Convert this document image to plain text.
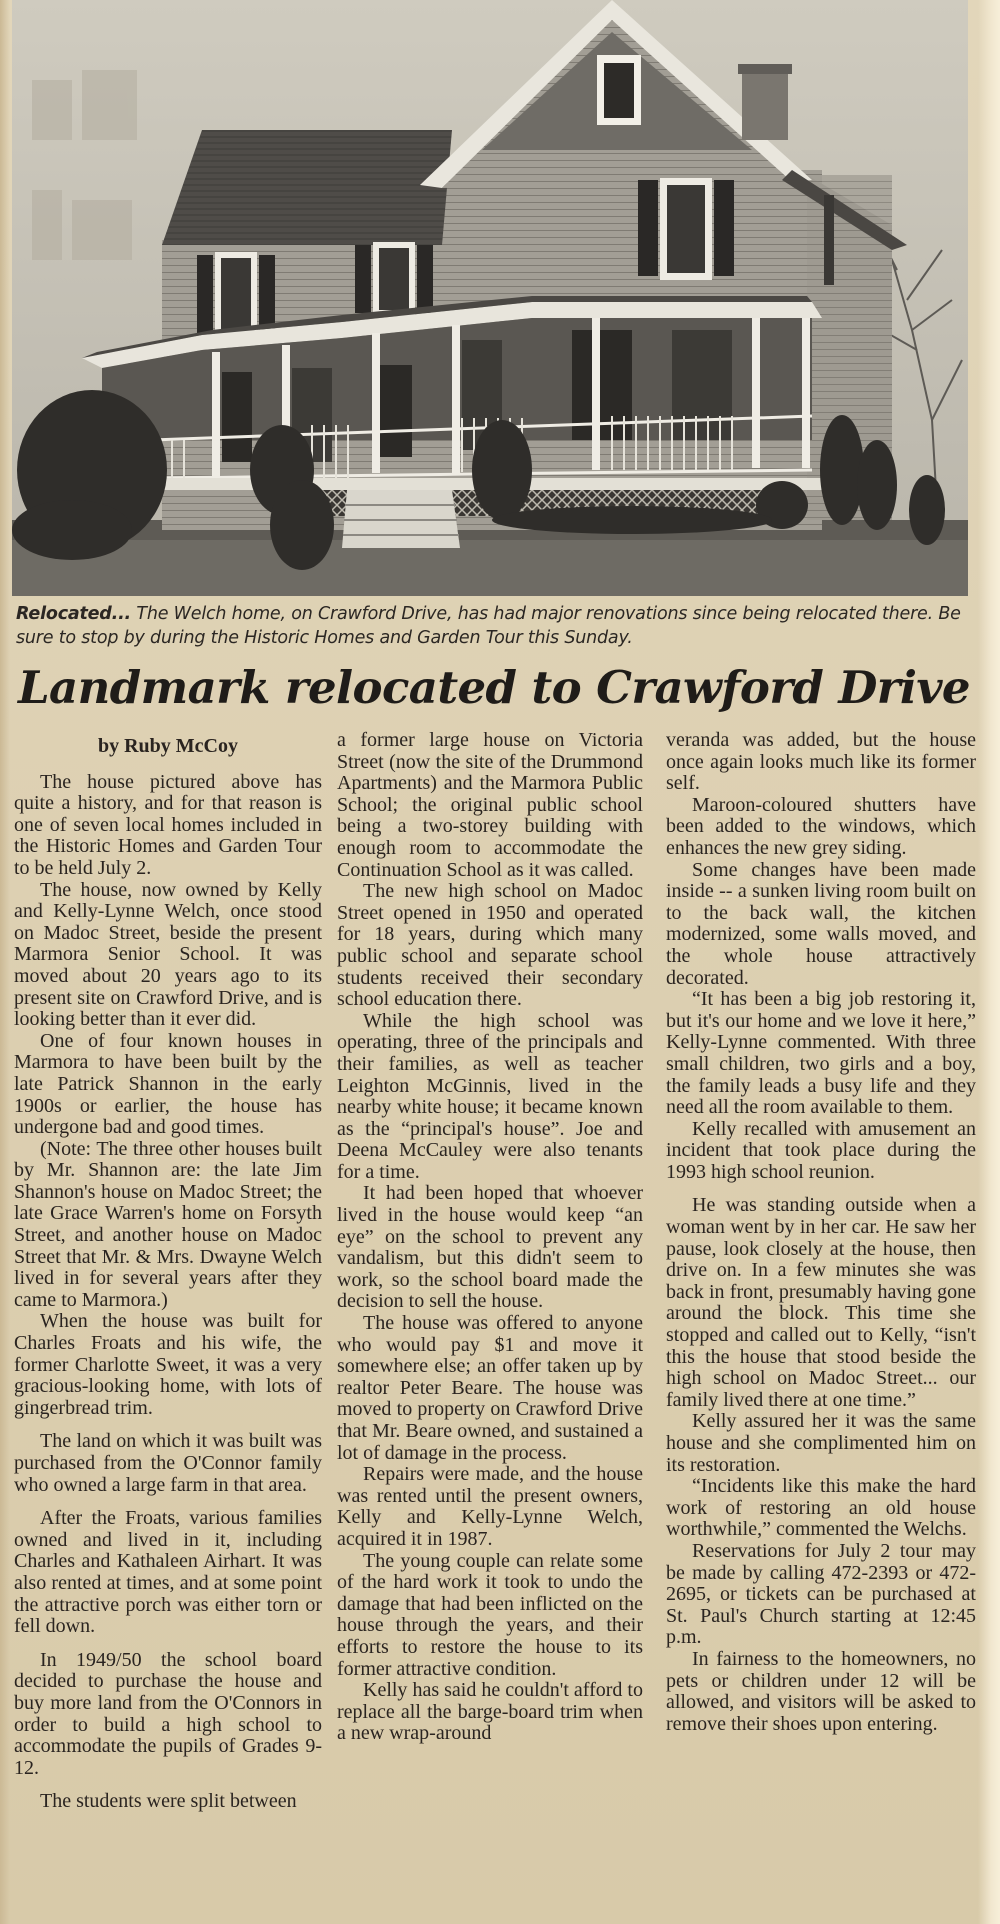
Relocated... The Welch home, on Crawford Drive, has had major renovations since being relocated there. Be sure to stop by during the Historic Homes and Garden Tour this Sunday.
Landmark relocated to Crawford Drive
by Ruby McCoy

The house pictured above has quite a history, and for that reason is one of seven local homes included in the Historic Homes and Garden Tour to be held July 2.

The house, now owned by Kelly and Kelly-Lynne Welch, once stood on Madoc Street, beside the present Marmora Senior School. It was moved about 20 years ago to its present site on Crawford Drive, and is looking better than it ever did.

One of four known houses in Marmora to have been built by the late Patrick Shannon in the early 1900s or earlier, the house has undergone bad and good times.

(Note: The three other houses built by Mr. Shannon are: the late Jim Shannon's house on Madoc Street; the late Grace Warren's home on Forsyth Street, and another house on Madoc Street that Mr. & Mrs. Dwayne Welch lived in for several years after they came to Marmora.)

When the house was built for Charles Froats and his wife, the former Charlotte Sweet, it was a very gracious-looking home, with lots of gingerbread trim.

The land on which it was built was purchased from the O'Connor family who owned a large farm in that area.

After the Froats, various families owned and lived in it, including Charles and Kathaleen Airhart. It was also rented at times, and at some point the attractive porch was either torn or fell down.

In 1949/50 the school board decided to purchase the house and buy more land from the O'Connors in order to build a high school to accommodate the pupils of Grades 9-12.

The students were split between

a former large house on Victoria Street (now the site of the Drummond Apartments) and the Marmora Public School; the original public school being a two-storey building with enough room to accommodate the Continuation School as it was called.

The new high school on Madoc Street opened in 1950 and operated for 18 years, during which many public school and separate school students received their secondary school education there.

While the high school was operating, three of the principals and their families, as well as teacher Leighton McGinnis, lived in the nearby white house; it became known as the “principal's house”. Joe and Deena McCauley were also tenants for a time.

It had been hoped that whoever lived in the house would keep “an eye” on the school to prevent any vandalism, but this didn't seem to work, so the school board made the decision to sell the house.

The house was offered to anyone who would pay $1 and move it somewhere else; an offer taken up by realtor Peter Beare. The house was moved to property on Crawford Drive that Mr. Beare owned, and sustained a lot of damage in the process.

Repairs were made, and the house was rented until the present owners, Kelly and Kelly-Lynne Welch, acquired it in 1987.

The young couple can relate some of the hard work it took to undo the damage that had been inflicted on the house through the years, and their efforts to restore the house to its former attractive condition.

Kelly has said he couldn't afford to replace all the barge-board trim when a new wrap-around

veranda was added, but the house once again looks much like its former self.

Maroon-coloured shutters have been added to the windows, which enhances the new grey siding.

Some changes have been made inside -- a sunken living room built on to the back wall, the kitchen modernized, some walls moved, and the whole house attractively decorated.

“It has been a big job restoring it, but it's our home and we love it here,” Kelly-Lynne commented. With three small children, two girls and a boy, the family leads a busy life and they need all the room available to them.

Kelly recalled with amusement an incident that took place during the 1993 high school reunion.

He was standing outside when a woman went by in her car. He saw her pause, look closely at the house, then drive on. In a few minutes she was back in front, presumably having gone around the block. This time she stopped and called out to Kelly, “isn't this the house that stood beside the high school on Madoc Street... our family lived there at one time.”

Kelly assured her it was the same house and she complimented him on its restoration.

“Incidents like this make the hard work of restoring an old house worthwhile,” commented the Welchs.

Reservations for July 2 tour may be made by calling 472-2393 or 472-2695, or tickets can be purchased at St. Paul's Church starting at 12:45 p.m.

In fairness to the homeowners, no pets or children under 12 will be allowed, and visitors will be asked to remove their shoes upon entering.
